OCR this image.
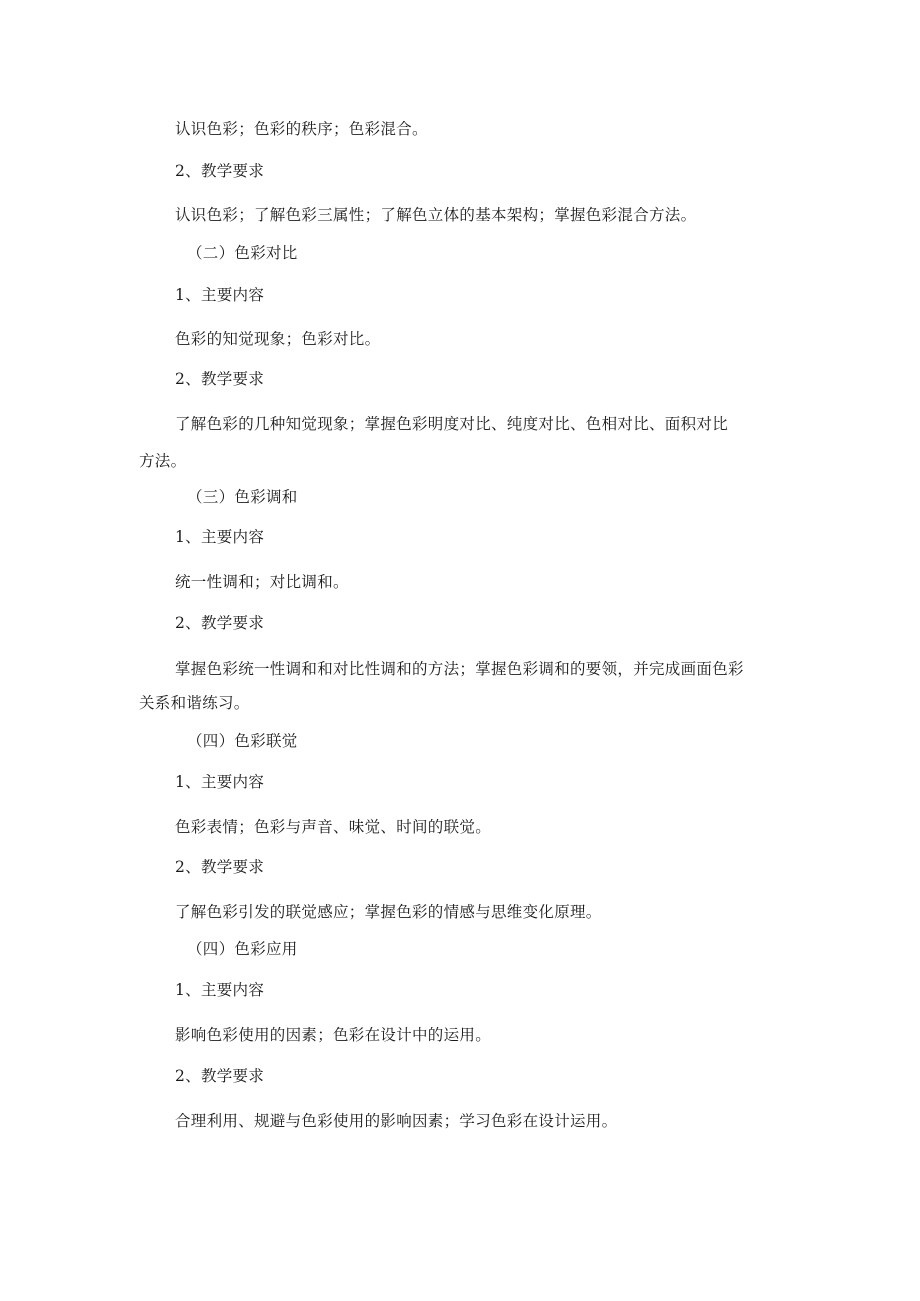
认识色彩；色彩的秩序；色彩混合。
2、教学要求
认识色彩；了解色彩三属性；了解色立体的基本架构；掌握色彩混合方法。
（二）色彩对比
1、主要内容
色彩的知觉现象；色彩对比。
2、教学要求
了解色彩的几种知觉现象；掌握色彩明度对比、纯度对比、色相对比、面积对比
方法。
（三）色彩调和
1、主要内容
统一性调和；对比调和。
2、教学要求
掌握色彩统一性调和和对比性调和的方法；掌握色彩调和的要领，并完成画面色彩
关系和谐练习。
（四）色彩联觉
1、主要内容
色彩表情；色彩与声音、味觉、时间的联觉。
2、教学要求
了解色彩引发的联觉感应；掌握色彩的情感与思维变化原理。
（四）色彩应用
1、主要内容
影响色彩使用的因素；色彩在设计中的运用。
2、教学要求
合理利用、规避与色彩使用的影响因素；学习色彩在设计运用。
